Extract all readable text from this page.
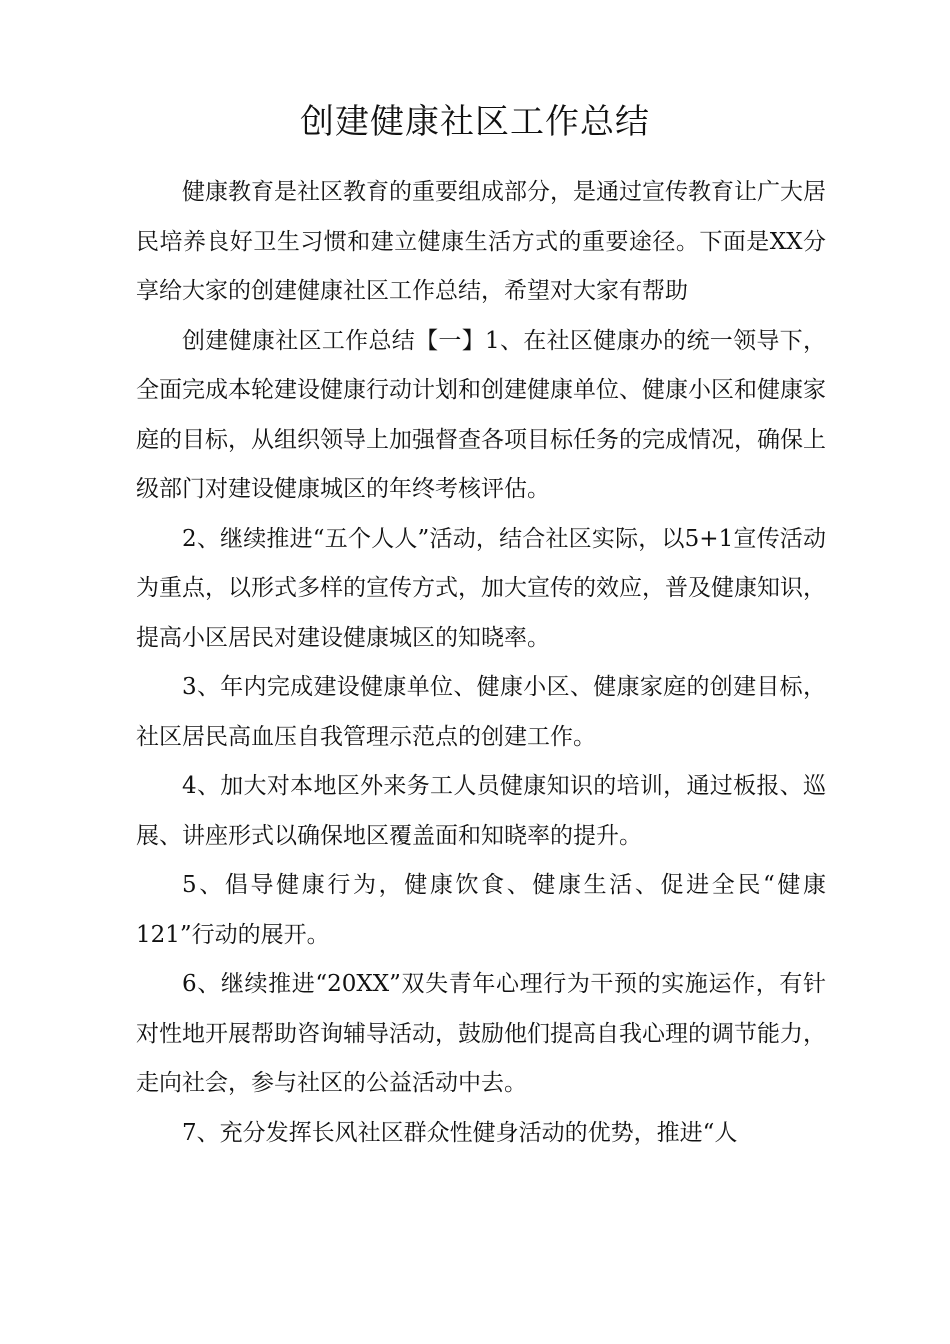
创建健康社区工作总结

健康教育是社区教育的重要组成部分，是通过宣传教育让广大居民培养良好卫生习惯和建立健康生活方式的重要途径。下面是XX分享给大家的创建健康社区工作总结，希望对大家有帮助

创建健康社区工作总结【一】1、在社区健康办的统一领导下，全面完成本轮建设健康行动计划和创建健康单位、健康小区和健康家庭的目标，从组织领导上加强督查各项目标任务的完成情况，确保上级部门对建设健康城区的年终考核评估。

2、继续推进“五个人人”活动，结合社区实际，以5+1宣传活动为重点，以形式多样的宣传方式，加大宣传的效应，普及健康知识，提高小区居民对建设健康城区的知晓率。

3、年内完成建设健康单位、健康小区、健康家庭的创建目标，社区居民高血压自我管理示范点的创建工作。

4、加大对本地区外来务工人员健康知识的培训，通过板报、巡展、讲座形式以确保地区覆盖面和知晓率的提升。

5、倡导健康行为，健康饮食、健康生活、促进全民“健康121”行动的展开。

6、继续推进“20XX”双失青年心理行为干预的实施运作，有针对性地开展帮助咨询辅导活动，鼓励他们提高自我心理的调节能力，走向社会，参与社区的公益活动中去。

7、充分发挥长风社区群众性健身活动的优势，推进“人
